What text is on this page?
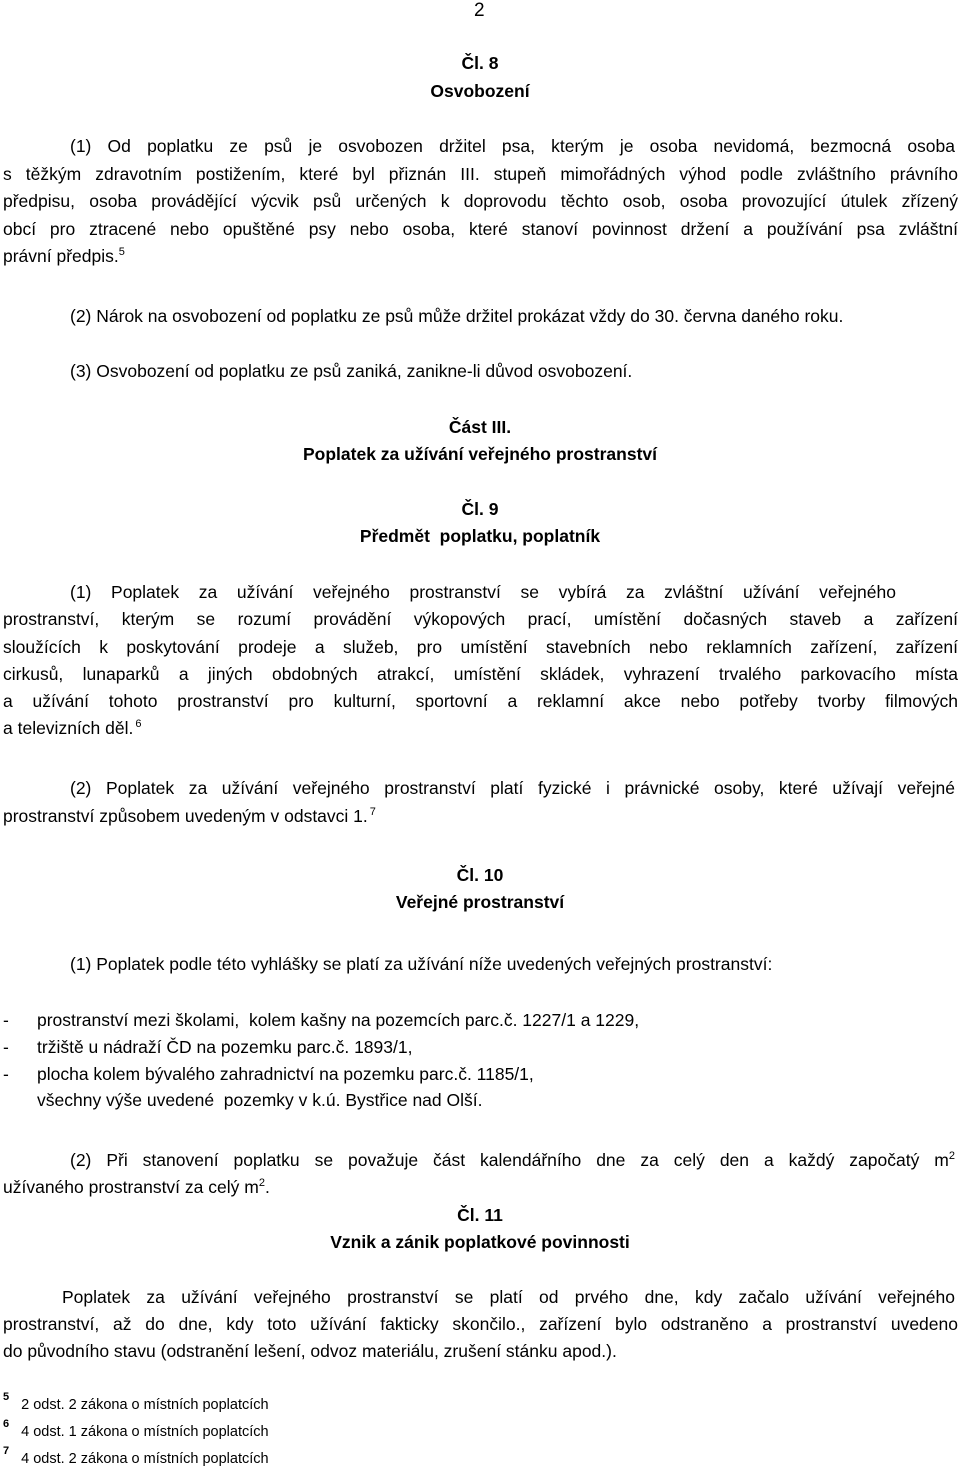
2
Čl. 8
Osvobození
(1) Od poplatku ze psů je osvobozen držitel psa, kterým je osoba nevidomá, bezmocná osoba
s těžkým zdravotním postižením, které byl přiznán III. stupeň mimořádných výhod podle zvláštního právního
předpisu, osoba provádějící výcvik psů určených k doprovodu těchto osob, osoba provozující útulek zřízený
obcí pro ztracené nebo opuštěné psy nebo osoba, které stanoví povinnost držení a používání psa zvláštní
právní předpis.$^5$
(2) Nárok na osvobození od poplatku ze psů může držitel prokázat vždy do 30. června daného roku.
(3) Osvobození od poplatku ze psů zaniká, zanikne-li důvod osvobození.
Část III.
Poplatek za užívání veřejného prostranství
Čl. 9
Předmět  poplatku, poplatník
(1) Poplatek za užívání veřejného prostranství se vybírá za zvláštní užívání veřejného
prostranství, kterým se rozumí provádění výkopových prací, umístění dočasných staveb a zařízení
sloužících k poskytování prodeje a služeb, pro umístění stavebních nebo reklamních zařízení, zařízení
cirkusů, lunaparků a jiných obdobných atrakcí, umístění skládek, vyhrazení trvalého parkovacího místa
a užívání tohoto prostranství pro kulturní, sportovní a reklamní akce nebo potřeby tvorby filmových
a televizních děl. $^6$
(2) Poplatek za užívání veřejného prostranství platí fyzické i právnické osoby, které užívají veřejné
prostranství způsobem uvedeným v odstavci 1. $^7$
Čl. 10
Veřejné prostranství
(1) Poplatek podle této vyhlášky se platí za užívání níže uvedených veřejných prostranství:
- prostranství mezi školami,  kolem kašny na pozemcích parc.č. 1227/1 a 1229,
- tržiště u nádraží ČD na pozemku parc.č. 1893/1,
- plocha kolem bývalého zahradnictví na pozemku parc.č. 1185/1,
všechny výše uvedené  pozemky v k.ú. Bystřice nad Olší.
(2) Při stanovení poplatku se považuje část kalendářního dne za celý den a každý započatý $m^2$
užívaného prostranství za celý $m^2$.
Čl. 11
Vznik a zánik poplatkové povinnosti
Poplatek za užívání veřejného prostranství se platí od prvého dne, kdy začalo užívání veřejného
prostranství, až do dne, kdy toto užívání fakticky skončilo., zařízení bylo odstraněno a prostranství uvedeno
do původního stavu (odstranění lešení, odvoz materiálu, zrušení stánku apod.).
$^5$ 2 odst. 2 zákona o místních poplatcích
$^6$ 4 odst. 1 zákona o místních poplatcích
$^7$ 4 odst. 2 zákona o místních poplatcích
